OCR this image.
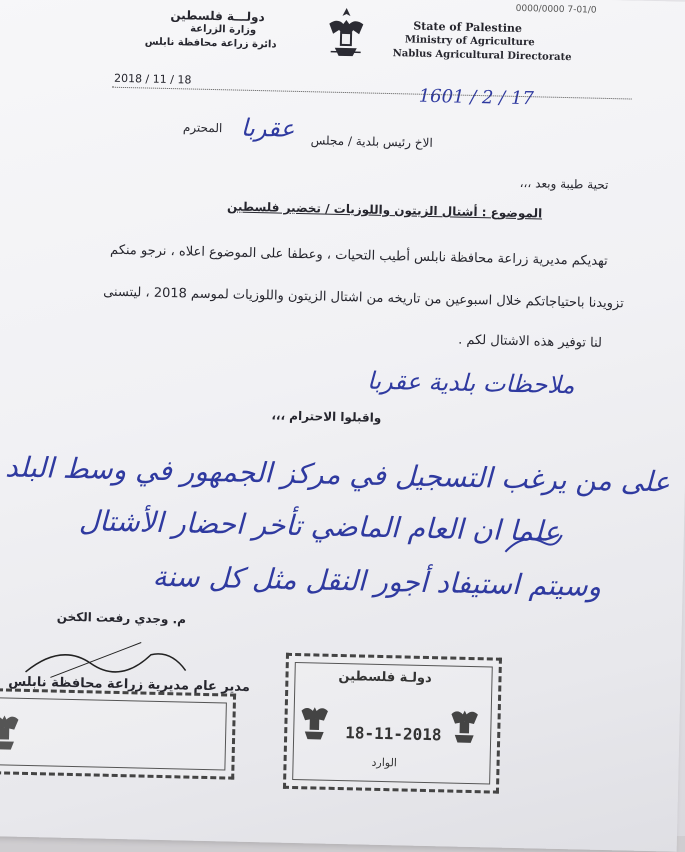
0000/0000 7-01/0
دولـــة فلسطين
وزارة الزراعة
دائرة زراعة محافظة نابلس
State of Palestine
Ministry of Agriculture
Nablus Agricultural Directorate
2018 / 11 / 18
1601 / 2 / 17
الاخ رئيس بلدية / مجلس
عقربا
المحترم
تحية طيبة وبعد ،،،
الموضوع : أشتال الزيتون واللوزيات / تخضير فلسطين
تهديكم مديرية زراعة محافظة نابلس أطيب التحيات ، وعطفا على الموضوع اعلاه ، نرجو منكم
تزويدنا باحتياجاتكم خلال اسبوعين من تاريخه من اشتال الزيتون واللوزيات لموسم 2018 ، ليتسنى
لنا توفير هذه الاشتال لكم .
ملاحظات بلدية عقربا
واقبلوا الاحترام ،،،
على من يرغب التسجيل في مركز الجمهور في وسط البلد
علما ان العام الماضي تأخر احضار الأشتال
وسيتم استيفاد أجور النقل مثل كل سنة
م. وجدي رفعت الكخن
مدير عام مديرية زراعة محافظة نابلس	دولـة فلسطين
18-11-2018
الوارد
